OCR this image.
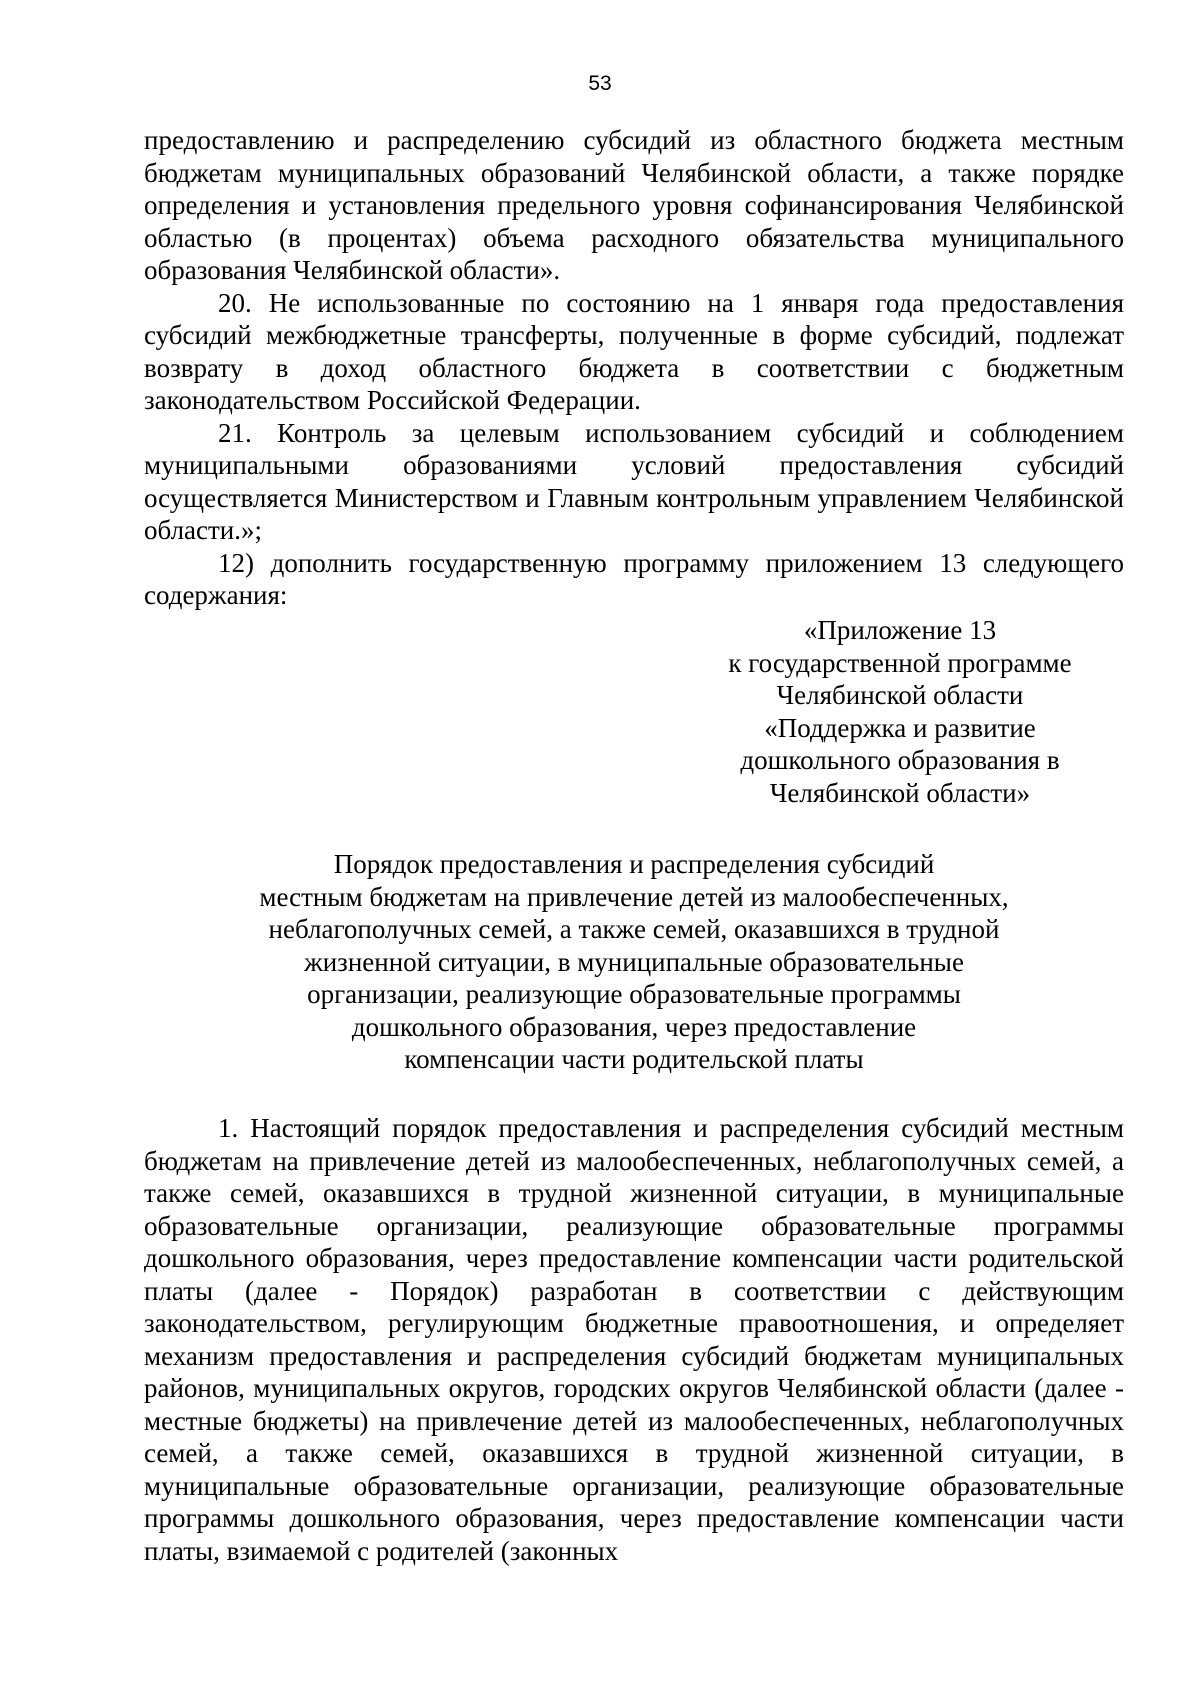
53

предоставлению и распределению субсидий из областного бюджета местным бюджетам муниципальных образований Челябинской области, а также порядке определения и установления предельного уровня софинансирования Челябинской областью (в процентах) объема расходного обязательства муниципального образования Челябинской области».

20. Не использованные по состоянию на 1 января года предоставления субсидий межбюджетные трансферты, полученные в форме субсидий, подлежат возврату в доход областного бюджета в соответствии с бюджетным законодательством Российской Федерации.

21. Контроль за целевым использованием субсидий и соблюдением муниципальными образованиями условий предоставления субсидий осуществляется Министерством и Главным контрольным управлением Челябинской области.»;

12) дополнить государственную программу приложением 13 следующего содержания:

«Приложение 13
к государственной программе
Челябинской области
«Поддержка и развитие
дошкольного образования в
Челябинской области»
Порядок предоставления и распределения субсидий
местным бюджетам на привлечение детей из малообеспеченных,
неблагополучных семей, а также семей, оказавшихся в трудной
жизненной ситуации, в муниципальные образовательные
организации, реализующие образовательные программы
дошкольного образования, через предоставление
компенсации части родительской платы

1. Настоящий порядок предоставления и распределения субсидий местным бюджетам на привлечение детей из малообеспеченных, неблагополучных семей, а также семей, оказавшихся в трудной жизненной ситуации, в муниципальные образовательные организации, реализующие образовательные программы дошкольного образования, через предоставление компенсации части родительской платы (далее - Порядок) разработан в соответствии с действующим законодательством, регулирующим бюджетные правоотношения, и определяет механизм предоставления и распределения субсидий бюджетам муниципальных районов, муниципальных округов, городских округов Челябинской области (далее - местные бюджеты) на привлечение детей из малообеспеченных, неблагополучных семей, а также семей, оказавшихся в трудной жизненной ситуации, в муниципальные образовательные организации, реализующие образовательные программы дошкольного образования, через предоставление компенсации части платы, взимаемой с родителей (законных
